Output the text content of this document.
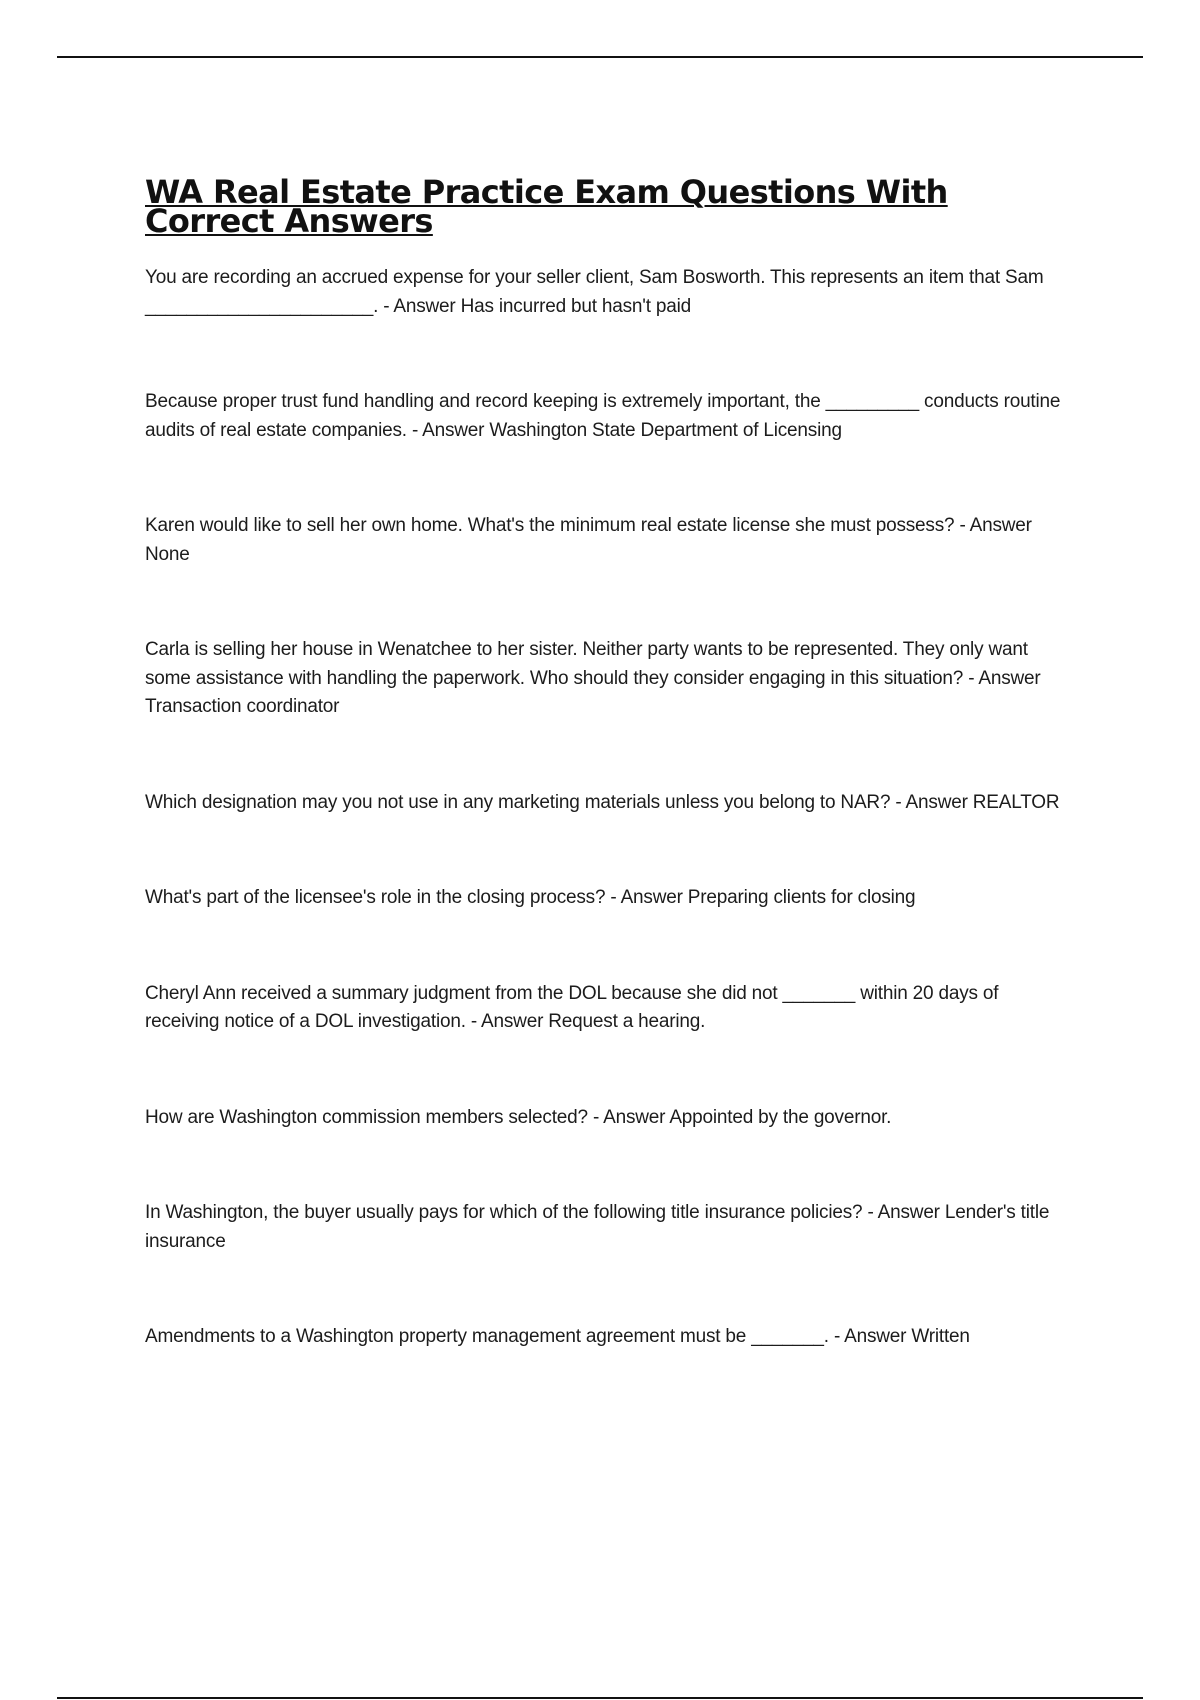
WA Real Estate Practice Exam Questions With Correct Answers

You are recording an accrued expense for your seller client, Sam Bosworth. This represents an item that Sam ______________________. - Answer Has incurred but hasn't paid

Because proper trust fund handling and record keeping is extremely important, the _________ conducts routine audits of real estate companies. - Answer Washington State Department of Licensing

Karen would like to sell her own home. What's the minimum real estate license she must possess? - Answer None

Carla is selling her house in Wenatchee to her sister. Neither party wants to be represented. They only want some assistance with handling the paperwork. Who should they consider engaging in this situation? - Answer Transaction coordinator

Which designation may you not use in any marketing materials unless you belong to NAR? - Answer REALTOR

What's part of the licensee's role in the closing process? - Answer Preparing clients for closing

Cheryl Ann received a summary judgment from the DOL because she did not _______ within 20 days of receiving notice of a DOL investigation. - Answer Request a hearing.

How are Washington commission members selected? - Answer Appointed by the governor.

In Washington, the buyer usually pays for which of the following title insurance policies? - Answer Lender's title insurance

Amendments to a Washington property management agreement must be _______. - Answer Written
